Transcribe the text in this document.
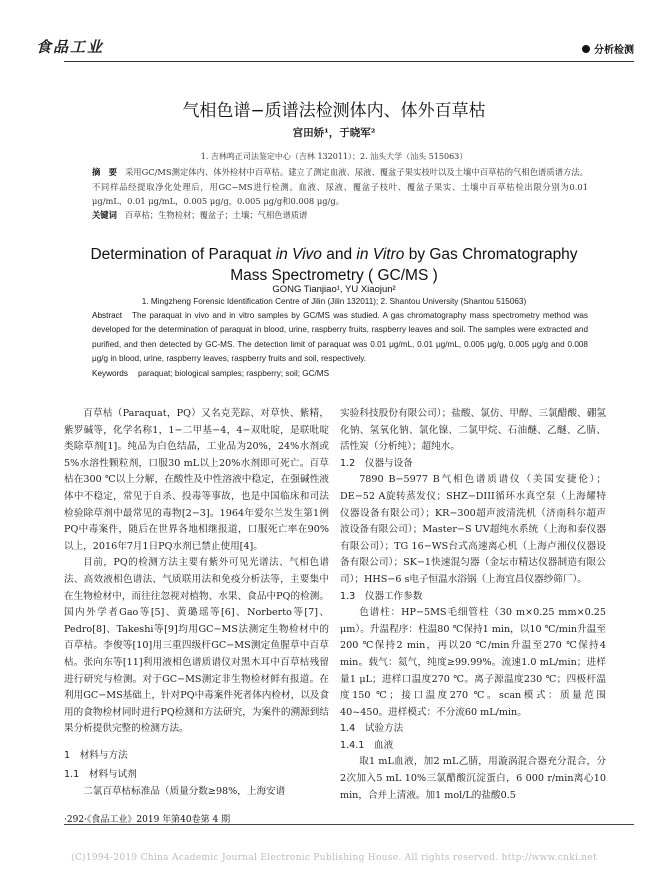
食品工业	分析检测
气相色谱−质谱法检测体内、体外百草枯
宫田娇¹，于晓军²
1. 吉林鸣正司法鉴定中心（吉林 132011）；2. 汕头大学（汕头 515063）
摘　要 采用GC/MS测定体内、体外检材中百草枯。建立了测定血液、尿液、覆盆子果实枝叶以及土壤中百草枯的气相色谱质谱方法。不同样品经提取净化处理后，用GC−MS进行检测。血液、尿液、覆盆子枝叶、覆盆子果实、土壤中百草枯检出限分别为0.01 μg/mL，0.01 μg/mL，0.005 μg/g，0.005 μg/g和0.008 μg/g。
关键词 百草枯；生物检材；覆盆子；土壤；气相色谱质谱
Determination of Paraquat in Vivo and in Vitro by Gas Chromatography
Mass Spectrometry ( GC/MS )
GONG Tianjiao¹, YU Xiaojun²
1. Mingzheng Forensic Identification Centre of Jilin (Jilin 132011); 2. Shantou University (Shantou 515063)
Abstract The paraquat in vivo and in vitro samples by GC/MS was studied. A gas chromatography mass spectrometry method was developed for the determination of paraquat in blood, urine, raspberry fruits, raspberry leaves and soil. The samples were extracted and purified, and then detected by GC-MS. The detection limit of paraquat was 0.01 μg/mL, 0.01 μg/mL, 0.005 μg/g, 0.005 μg/g and 0.008 μg/g in blood, urine, raspberry leaves, raspberry fruits and soil, respectively.
Keywords paraquat; biological samples; raspberry; soil; GC/MS

百草枯（Paraquat，PQ）又名克芜踪、对草快、紫精，紫罗碱等，化学名称1，1−二甲基−4，4−双吡啶，是联吡啶类除草剂[1]。纯品为白色结晶，工业品为20%，24%水剂或5%水溶性颗粒剂，口服30 mL以上20%水剂即可死亡。百草枯在300 ℃以上分解，在酸性及中性溶液中稳定，在强碱性液体中不稳定，常见于自杀、投毒等事故，也是中国临床和司法检验除草剂中最常见的毒物[2−3]。1964年爱尔兰发生第1例PQ中毒案件，随后在世界各地相继报道，口服死亡率在90%以上，2016年7月1日PQ水剂已禁止使用[4]。

目前，PQ的检测方法主要有紫外可见光谱法、气相色谱法、高效液相色谱法、气质联用法和免疫分析法等，主要集中在生物检材中，而往往忽视对植物、水果、食品中PQ的检测。国内外学者Gao等[5]、黄璐瑶等[6]、Norberto等[7]、Pedro[8]、Takeshi等[9]均用GC−MS法测定生物检材中的百草枯。李俊等[10]用三重四级杆GC−MS测定鱼腥草中百草枯。张向东等[11]利用液相色谱质谱仪对黑木耳中百草枯残留进行研究与检测。对于GC−MS测定非生物检材鲜有报道。在利用GC−MS基础上，针对PQ中毒案件死者体内检材，以及食用的食物检材同时进行PQ检测和方法研究，为案件的溯源到结果分析提供完整的检测方法。

1　材料与方法

1.1　材料与试剂

二氯百草枯标准品（质量分数≥98%，上海安谱

实验科技股份有限公司）；盐酸、氯仿、甲醇、三氯醋酸、硼氢化钠、氢氧化钠、氯化镍、二氯甲烷、石油醚、乙醚、乙腈、活性炭（分析纯）；超纯水。

1.2　仪器与设备

7890 B−5977 B气相色谱质谱仪（美国安捷伦）；DE−52 A旋转蒸发仪；SHZ−DIII循环水真空泵（上海耀特仪器设备有限公司）；KR−300超声波清洗机（济南科尔超声波设备有限公司）；Master−S UV超纯水系统（上海和泰仪器有限公司）；TG 16−WS台式高速离心机（上海卢湘仪仪器设备有限公司）；SK−1快速混匀器（金坛市精达仪器制造有限公司）；HHS−6 s电子恒温水浴锅（上海宜昌仪器纱筛厂）。

1.3　仪器工作参数

色谱柱：HP−5MS毛细管柱（30 m×0.25 mm×0.25 μm）。升温程序：柱温80 ℃保持1 min，以10 ℃/min升温至200 ℃保持2 min，再以20 ℃/min升温至270 ℃保持4 min。载气：氦气，纯度≥99.99%。流速1.0 mL/min；进样量1 μL；进样口温度270 ℃。离子源温度230 ℃；四极杆温度150 ℃；接口温度270 ℃。scan模式：质量范围40~450。进样模式：不分流60 mL/min。

1.4　试验方法

1.4.1　血液

取1 mL血液，加2 mL乙腈，用漩涡混合器充分混合，分2次加入5 mL 10%三氯醋酸沉淀蛋白，6 000 r/min离心10 min，合并上清液。加1 mol/L的盐酸0.5

·292·《食品工业》2019 年第40卷第 4 期
(C)1994-2019 China Academic Journal Electronic Publishing House. All rights reserved. http://www.cnki.net
